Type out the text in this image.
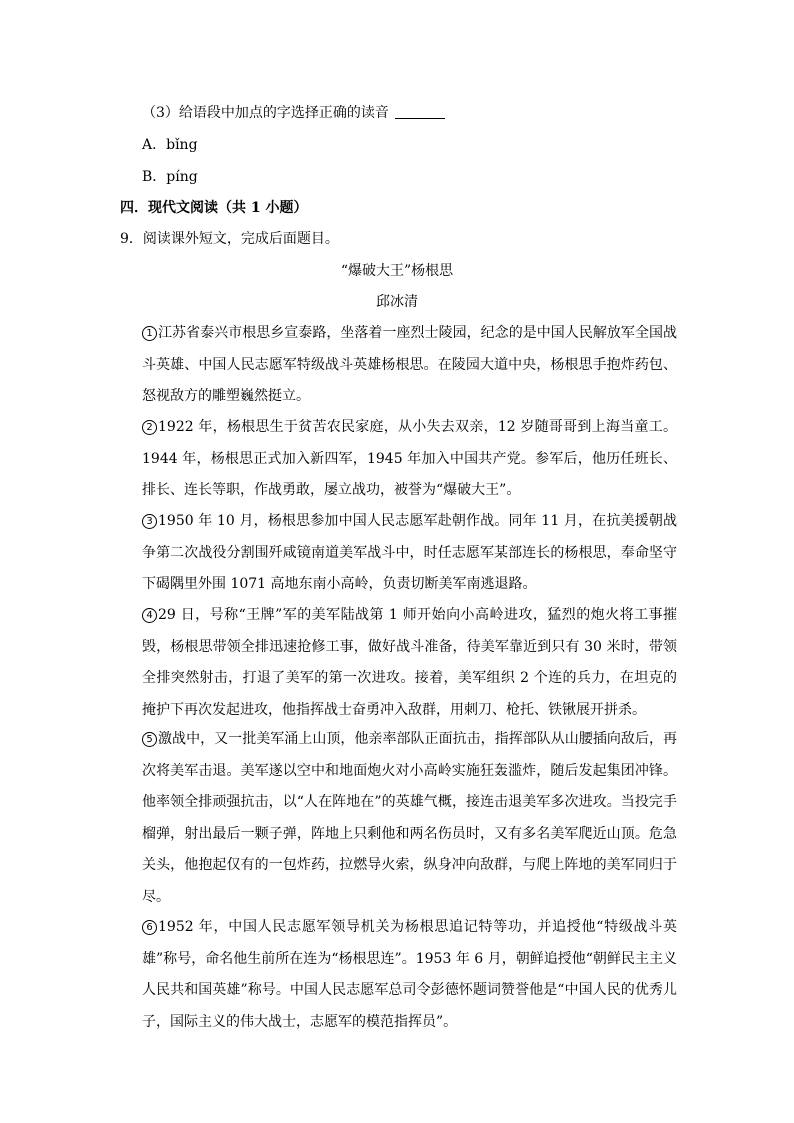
（3）给语段中加点的字选择正确的读音
A．bǐng
B．píng
四．现代文阅读（共 1 小题）
9．阅读课外短文，完成后面题目。
“爆破大王”杨根思
邱冰清
1 江苏省泰兴市根思乡宣泰路，坐落着一座烈士陵园，纪念的是中国人民解放军全国战斗英雄、中国人民志愿军特级战斗英雄杨根思。在陵园大道中央，杨根思手抱炸药包、怒视敌方的雕塑巍然挺立。
2 1922 年，杨根思生于贫苦农民家庭，从小失去双亲，12 岁随哥哥到上海当童工。1944 年，杨根思正式加入新四军，1945 年加入中国共产党。参军后，他历任班长、排长、连长等职，作战勇敢，屡立战功，被誉为“爆破大王”。
3 1950 年 10 月，杨根思参加中国人民志愿军赴朝作战。同年 11 月，在抗美援朝战争第二次战役分割围歼咸镜南道美军战斗中，时任志愿军某部连长的杨根思，奉命坚守下碣隅里外围 1071 高地东南小高岭，负责切断美军南逃退路。
4 29 日，号称“王牌”军的美军陆战第 1 师开始向小高岭进攻，猛烈的炮火将工事摧毁，杨根思带领全排迅速抢修工事，做好战斗准备，待美军靠近到只有 30 米时，带领全排突然射击，打退了美军的第一次进攻。接着，美军组织 2 个连的兵力，在坦克的掩护下再次发起进攻，他指挥战士奋勇冲入敌群，用刺刀、枪托、铁锹展开拼杀。
5 激战中，又一批美军涌上山顶，他亲率部队正面抗击，指挥部队从山腰插向敌后，再次将美军击退。美军遂以空中和地面炮火对小高岭实施狂轰滥炸，随后发起集团冲锋。他率领全排顽强抗击，以“人在阵地在”的英雄气概，接连击退美军多次进攻。当投完手榴弹，射出最后一颗子弹，阵地上只剩他和两名伤员时，又有多名美军爬近山顶。危急关头，他抱起仅有的一包炸药，拉燃导火索，纵身冲向敌群，与爬上阵地的美军同归于尽。
6 1952 年，中国人民志愿军领导机关为杨根思追记特等功，并追授他“特级战斗英雄”称号，命名他生前所在连为“杨根思连”。1953 年 6 月，朝鲜追授他“朝鲜民主主义人民共和国英雄”称号。中国人民志愿军总司令彭德怀题词赞誉他是“中国人民的优秀儿子，国际主义的伟大战士，志愿军的模范指挥员”。
